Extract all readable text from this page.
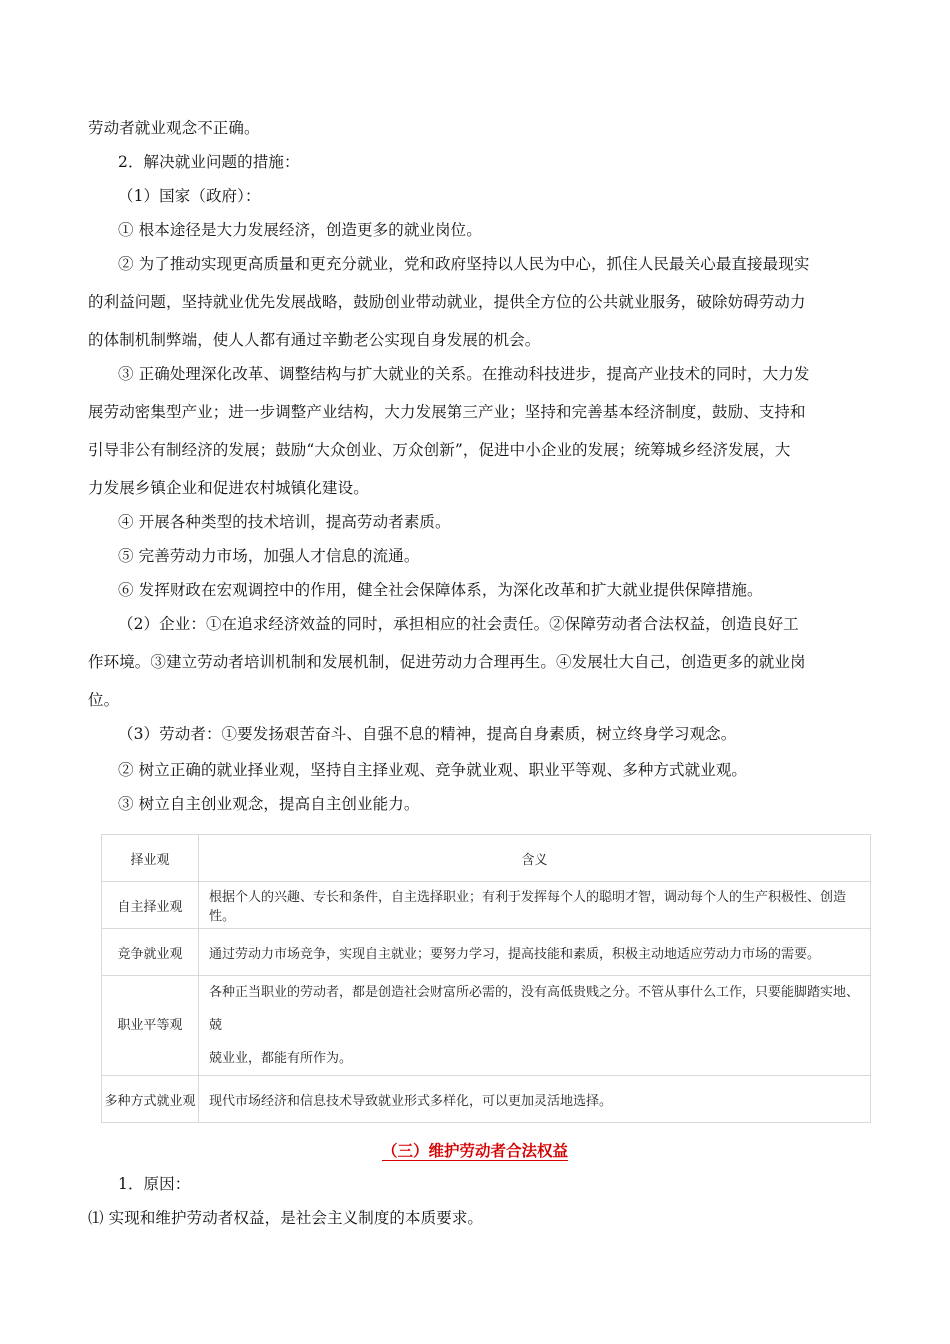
劳动者就业观念不正确。
2．解决就业问题的措施：
（1）国家（政府）：
① 根本途径是大力发展经济，创造更多的就业岗位。
② 为了推动实现更高质量和更充分就业，党和政府坚持以人民为中心，抓住人民最关心最直接最现实
的利益问题，坚持就业优先发展战略，鼓励创业带动就业，提供全方位的公共就业服务，破除妨碍劳动力
的体制机制弊端，使人人都有通过辛勤老公实现自身发展的机会。
③ 正确处理深化改革、调整结构与扩大就业的关系。在推动科技进步，提高产业技术的同时，大力发
展劳动密集型产业；进一步调整产业结构，大力发展第三产业；坚持和完善基本经济制度，鼓励、支持和
引导非公有制经济的发展；鼓励“大众创业、万众创新”，促进中小企业的发展；统筹城乡经济发展，大
力发展乡镇企业和促进农村城镇化建设。
④ 开展各种类型的技术培训，提高劳动者素质。
⑤ 完善劳动力市场，加强人才信息的流通。
⑥ 发挥财政在宏观调控中的作用，健全社会保障体系，为深化改革和扩大就业提供保障措施。
（2）企业：①在追求经济效益的同时，承担相应的社会责任。②保障劳动者合法权益，创造良好工
作环境。③建立劳动者培训机制和发展机制，促进劳动力合理再生。④发展壮大自己，创造更多的就业岗
位。
（3）劳动者：①要发扬艰苦奋斗、自强不息的精神，提高自身素质，树立终身学习观念。
② 树立正确的就业择业观，坚持自主择业观、竞争就业观、职业平等观、多种方式就业观。
③ 树立自主创业观念，提高自主创业能力。
择业观	含义
自主择业观	根据个人的兴趣、专长和条件，自主选择职业；有利于发挥每个人的聪明才智，调动每个人的生产积极性、创造性。
竞争就业观	通过劳动力市场竞争，实现自主就业；要努力学习，提高技能和素质，积极主动地适应劳动力市场的需要。
职业平等观	各种正当职业的劳动者，都是创造社会财富所必需的，没有高低贵贱之分。不管从事什么工作，只要能脚踏实地、兢
兢业业，都能有所作为。

多种方式就业观	现代市场经济和信息技术导致就业形式多样化，可以更加灵活地选择。
（三）维护劳动者合法权益
1．原因：
⑴ 实现和维护劳动者权益，是社会主义制度的本质要求。
